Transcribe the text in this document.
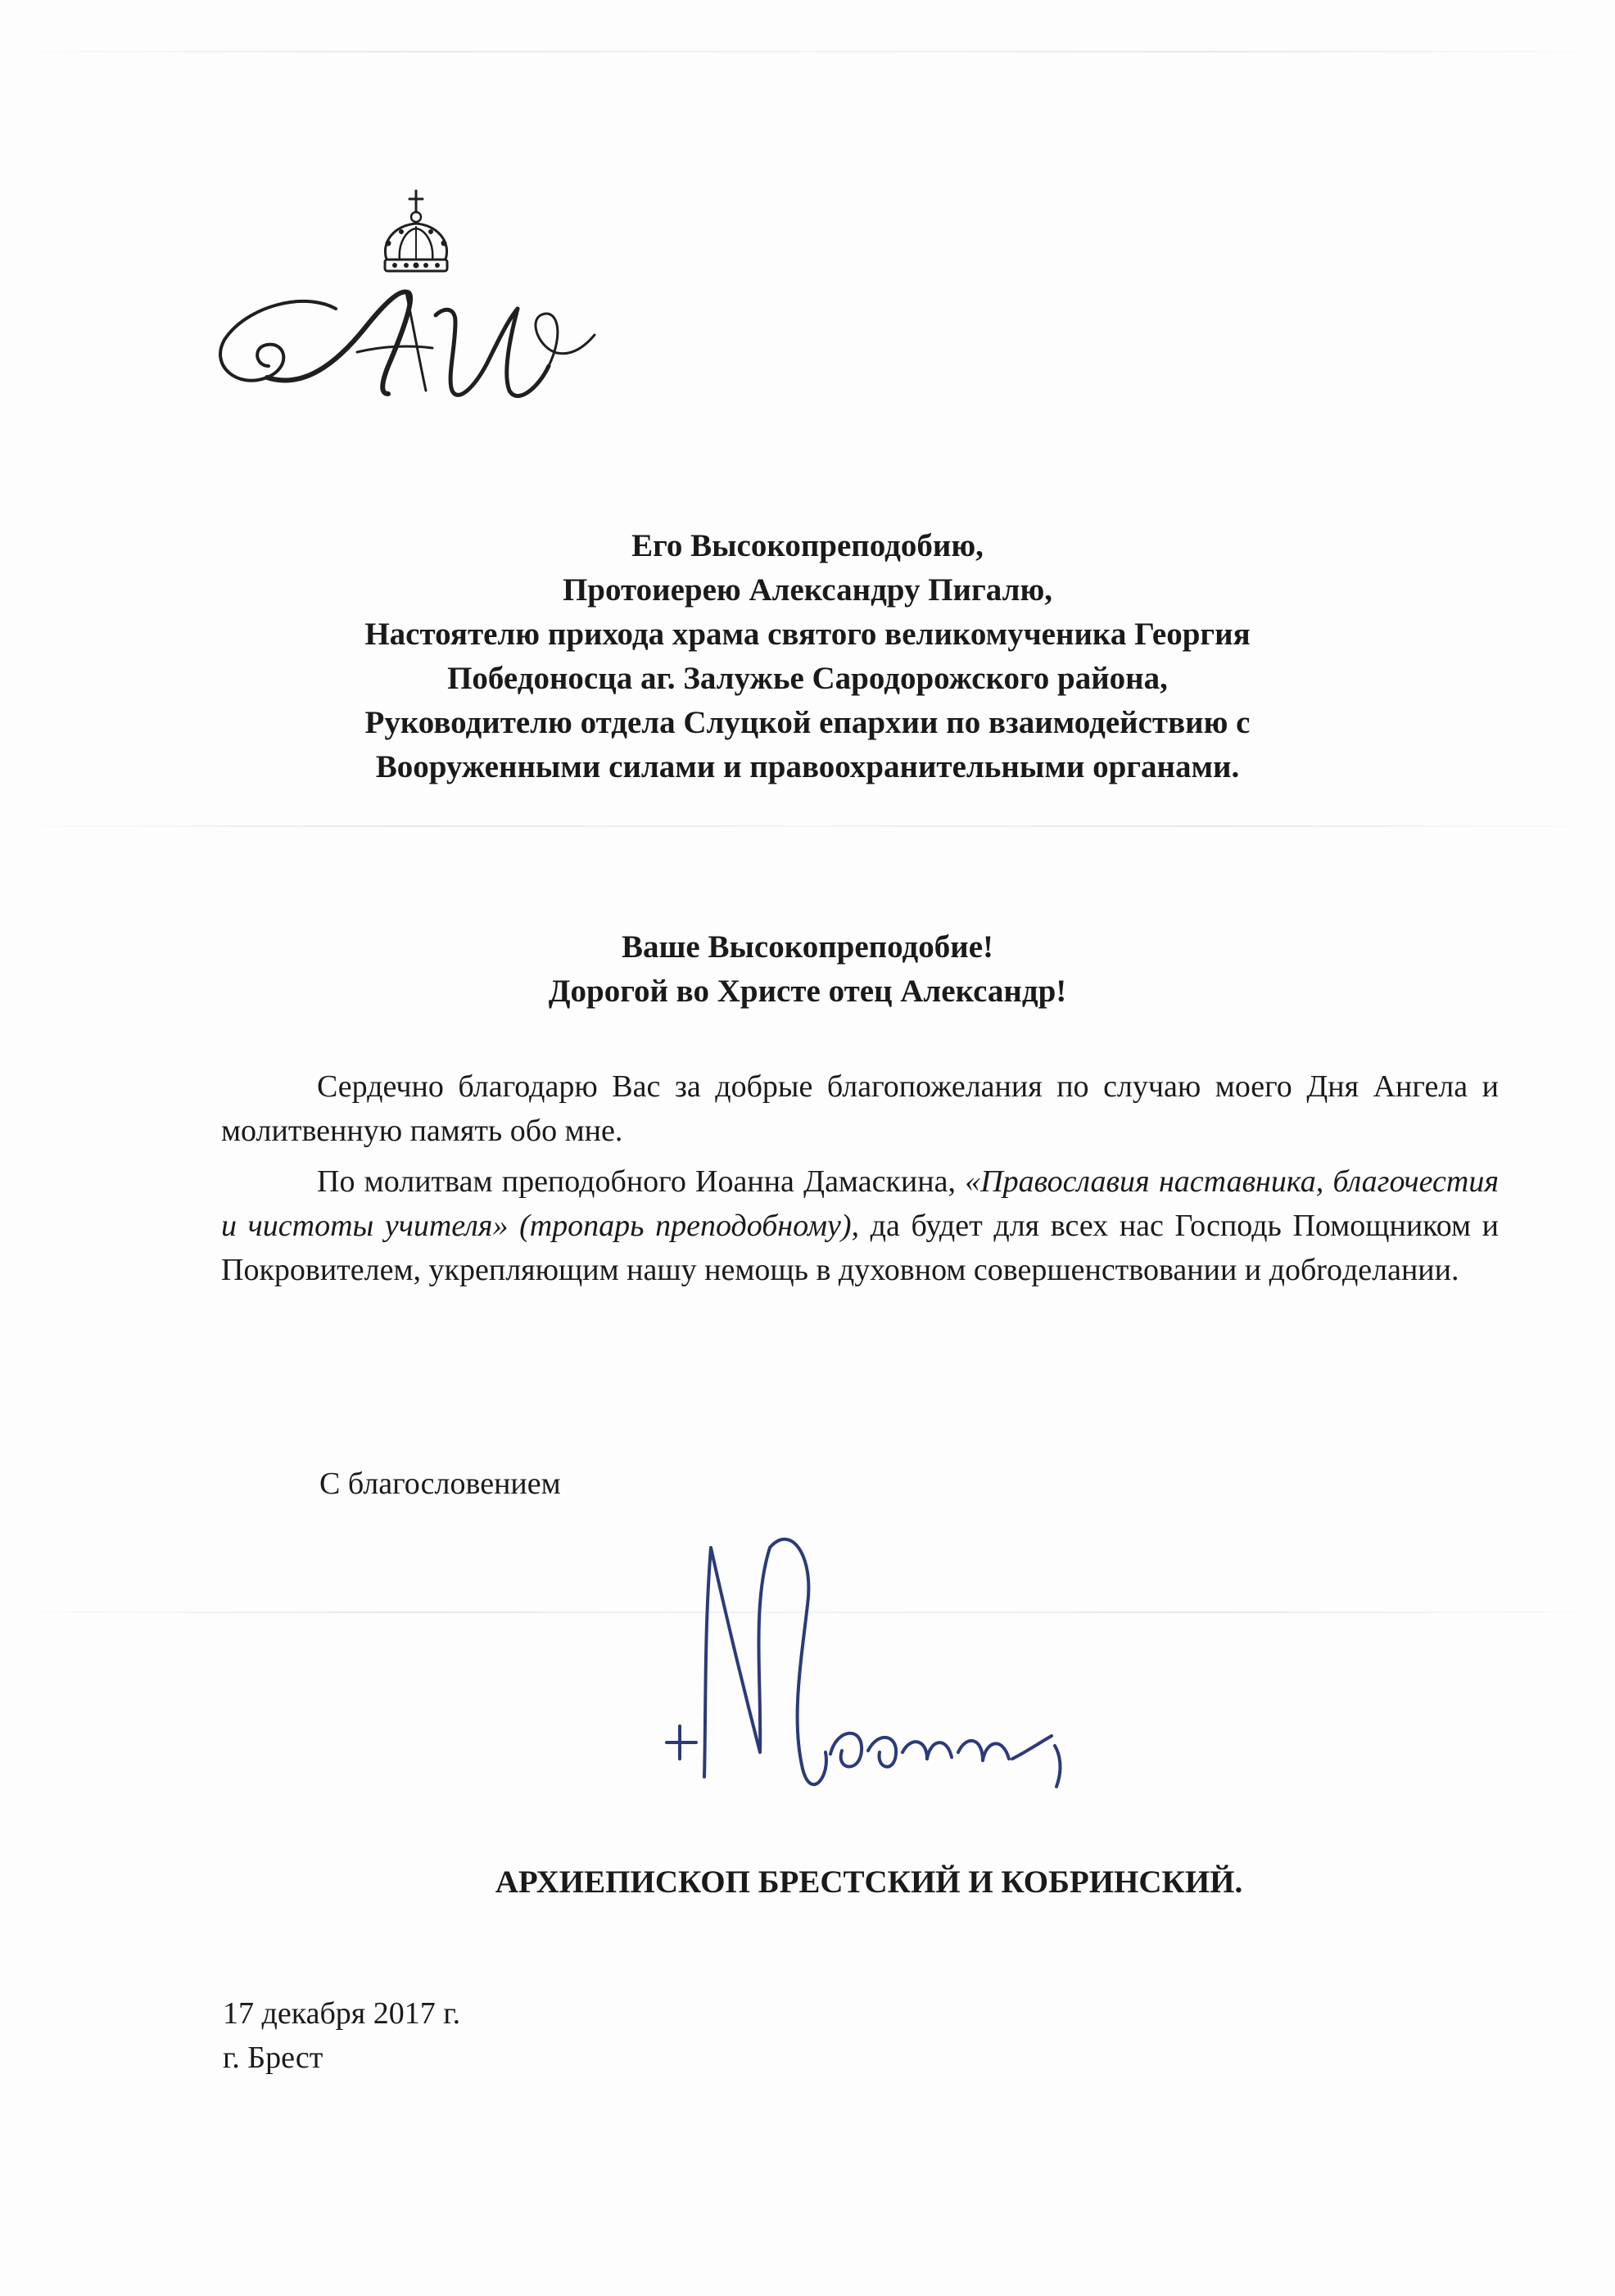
Его Высокопреподобию,
Протоиерею Александру Пигалю,
Настоятелю прихода храма святого великомученика Георгия
Победоносца аг. Залужье Сародорожского района,
Руководителю отдела Слуцкой епархии по взаимодействию с
Вооруженными силами и правоохранительными органами.
Ваше Высокопреподобие!
Дорогой во Христе отец Александр!

Сердечно благодарю Вас за добрые благопожелания по случаю моего Дня Ангела и молитвенную память обо мне.

По молитвам преподобного Иоанна Дамаскина, «Православия наставника, благочестия и чистоты учителя» (тропарь преподобному), да будет для всех нас Господь Помощником и Покровителем, укрепляющим нашу немощь в духовном совершенствовании и добroделании.

С благословением
АРХИЕПИСКОП БРЕСТСКИЙ И КОБРИНСКИЙ.
17 декабря 2017 г.
г. Брест
